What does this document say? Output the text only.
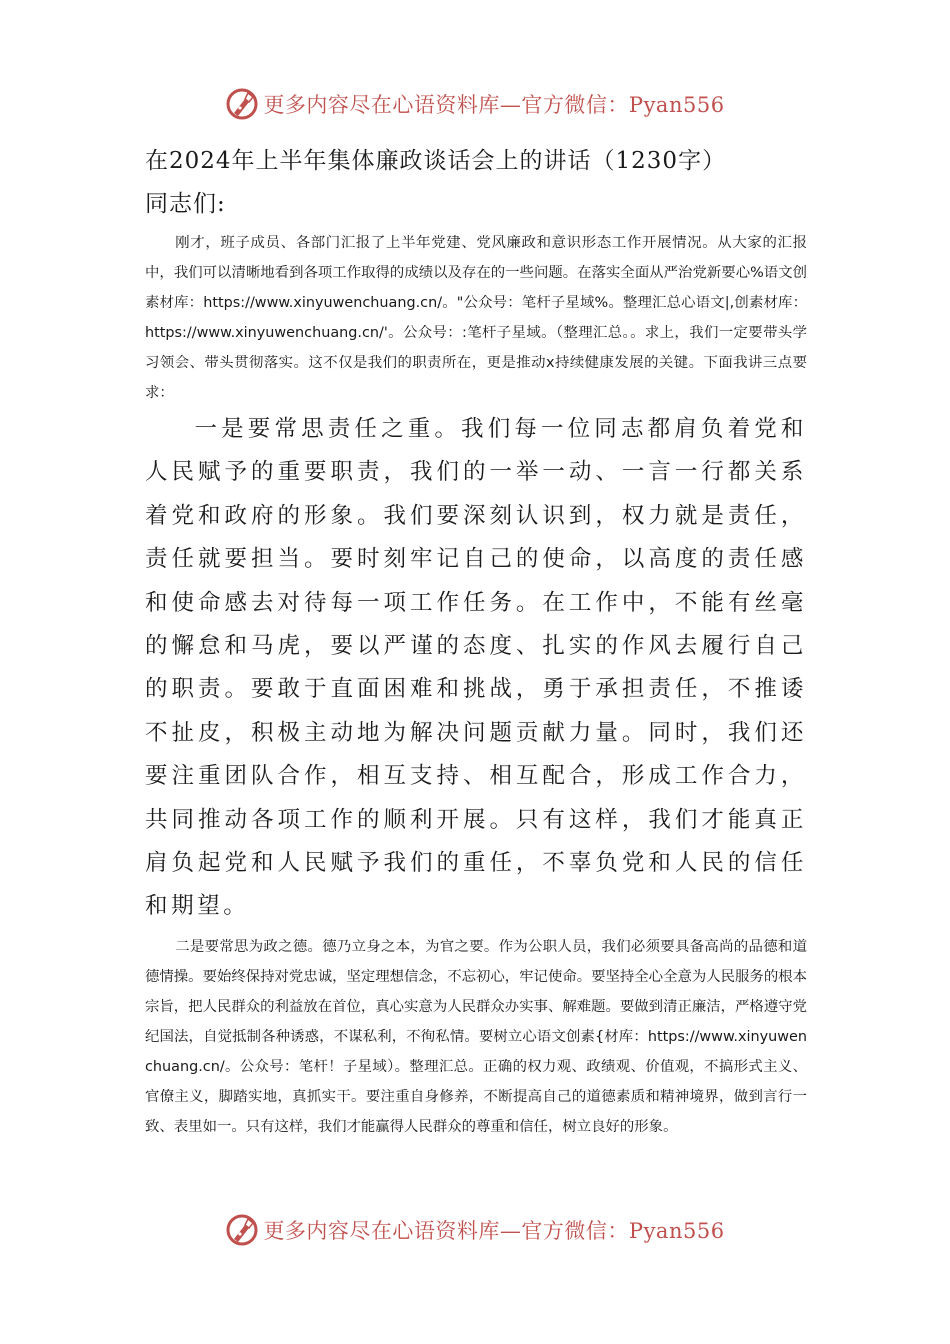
更多内容尽在心语资料库—官方微信：Pyan556
在2024年上半年集体廉政谈话会上的讲话（1230字）
同志们:

刚才，班子成员、各部门汇报了上半年党建、党风廉政和意识形态工作开展情况。从大家的汇报中，我们可以清晰地看到各项工作取得的成绩以及存在的一些问题。在落实全面从严治党新要心%语文创素材库：https://www.xinyuwenchuang.cn/。"公众号：笔杆子星域%。整理汇总心语文|,创素材库：https://www.xinyuwenchuang.cn/'。公众号：:笔杆子星域。（整理汇总。。求上，我们一定要带头学习领会、带头贯彻落实。这不仅是我们的职责所在，更是推动x持续健康发展的关键。下面我讲三点要求：

一是要常思责任之重。我们每一位同志都肩负着党和人民赋予的重要职责，我们的一举一动、一言一行都关系着党和政府的形象。我们要深刻认识到，权力就是责任，责任就要担当。要时刻牢记自己的使命，以高度的责任感和使命感去对待每一项工作任务。在工作中，不能有丝毫的懈怠和马虎，要以严谨的态度、扎实的作风去履行自己的职责。要敢于直面困难和挑战，勇于承担责任，不推诿不扯皮，积极主动地为解决问题贡献力量。同时，我们还要注重团队合作，相互支持、相互配合，形成工作合力，共同推动各项工作的顺利开展。只有这样，我们才能真正肩负起党和人民赋予我们的重任，不辜负党和人民的信任和期望。

二是要常思为政之德。德乃立身之本，为官之要。作为公职人员，我们必须要具备高尚的品德和道德情操。要始终保持对党忠诚，坚定理想信念，不忘初心，牢记使命。要坚持全心全意为人民服务的根本宗旨，把人民群众的利益放在首位，真心实意为人民群众办实事、解难题。要做到清正廉洁，严格遵守党纪国法，自觉抵制各种诱惑，不谋私利，不徇私情。要树立心语文创素{材库：https://www.xinyuwenchuang.cn/。公众号：笔杆！子星域）。整理汇总。正确的权力观、政绩观、价值观，不搞形式主义、官僚主义，脚踏实地，真抓实干。要注重自身修养，不断提高自己的道德素质和精神境界，做到言行一致、表里如一。只有这样，我们才能赢得人民群众的尊重和信任，树立良好的形象。

更多内容尽在心语资料库—官方微信：Pyan556
